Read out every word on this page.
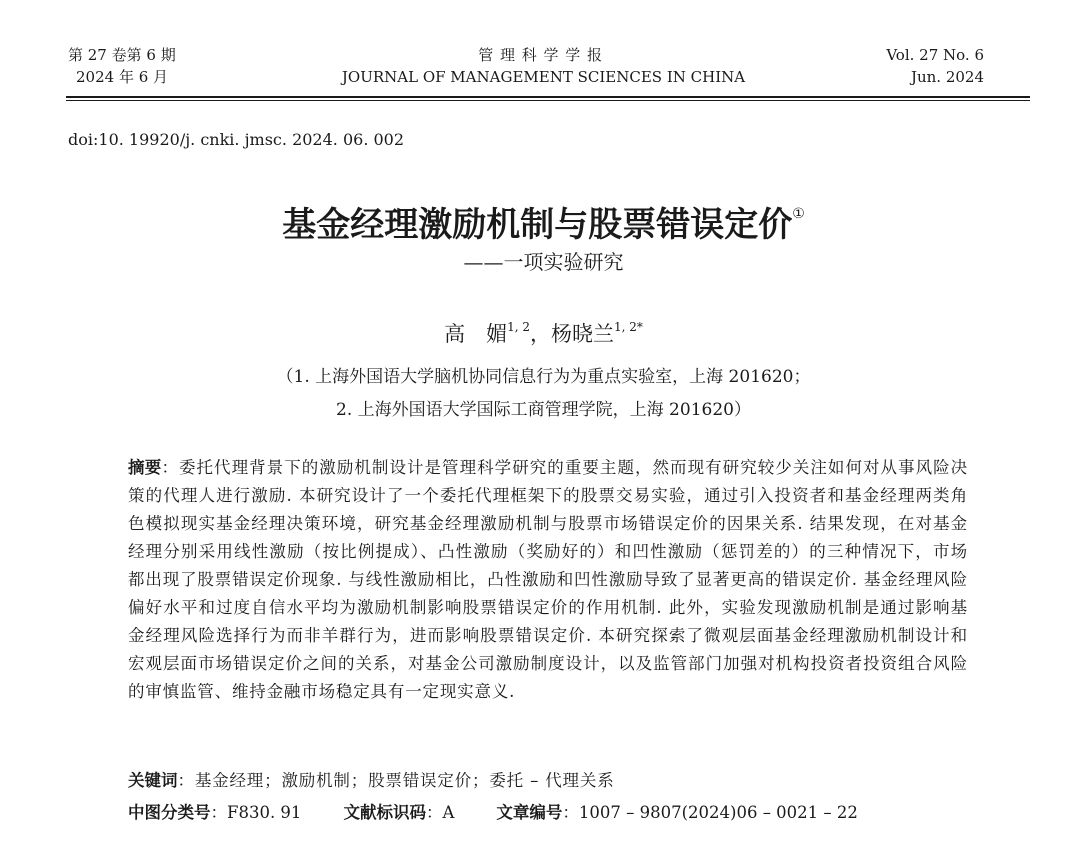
第 27 卷第 6 期
2024 年 6 月
管理科学学报
JOURNAL OF MANAGEMENT SCIENCES IN CHINA
Vol. 27 No. 6
Jun. 2024
doi:10. 19920/j. cnki. jmsc. 2024. 06. 002
基金经理激励机制与股票错误定价①
——一项实验研究
高　媚$^{1, 2}$，杨晓兰$^{1, 2*}$
（1. 上海外国语大学脑机协同信息行为为重点实验室，上海 201620；
2. 上海外国语大学国际工商管理学院，上海 201620）
摘要：委托代理背景下的激励机制设计是管理科学研究的重要主题，然而现有研究较少关注如何对从事风险决策的代理人进行激励. 本研究设计了一个委托代理框架下的股票交易实验，通过引入投资者和基金经理两类角色模拟现实基金经理决策环境，研究基金经理激励机制与股票市场错误定价的因果关系. 结果发现，在对基金经理分别采用线性激励（按比例提成）、凸性激励（奖励好的）和凹性激励（惩罚差的）的三种情况下，市场都出现了股票错误定价现象. 与线性激励相比，凸性激励和凹性激励导致了显著更高的错误定价. 基金经理风险偏好水平和过度自信水平均为激励机制影响股票错误定价的作用机制. 此外，实验发现激励机制是通过影响基金经理风险选择行为而非羊群行为，进而影响股票错误定价. 本研究探索了微观层面基金经理激励机制设计和宏观层面市场错误定价之间的关系，对基金公司激励制度设计，以及监管部门加强对机构投资者投资组合风险的审慎监管、维持金融市场稳定具有一定现实意义.
关键词：基金经理；激励机制；股票错误定价；委托 – 代理关系
中图分类号：F830. 91	文献标识码：A	文章编号：1007 – 9807(2024)06 – 0021 – 22
